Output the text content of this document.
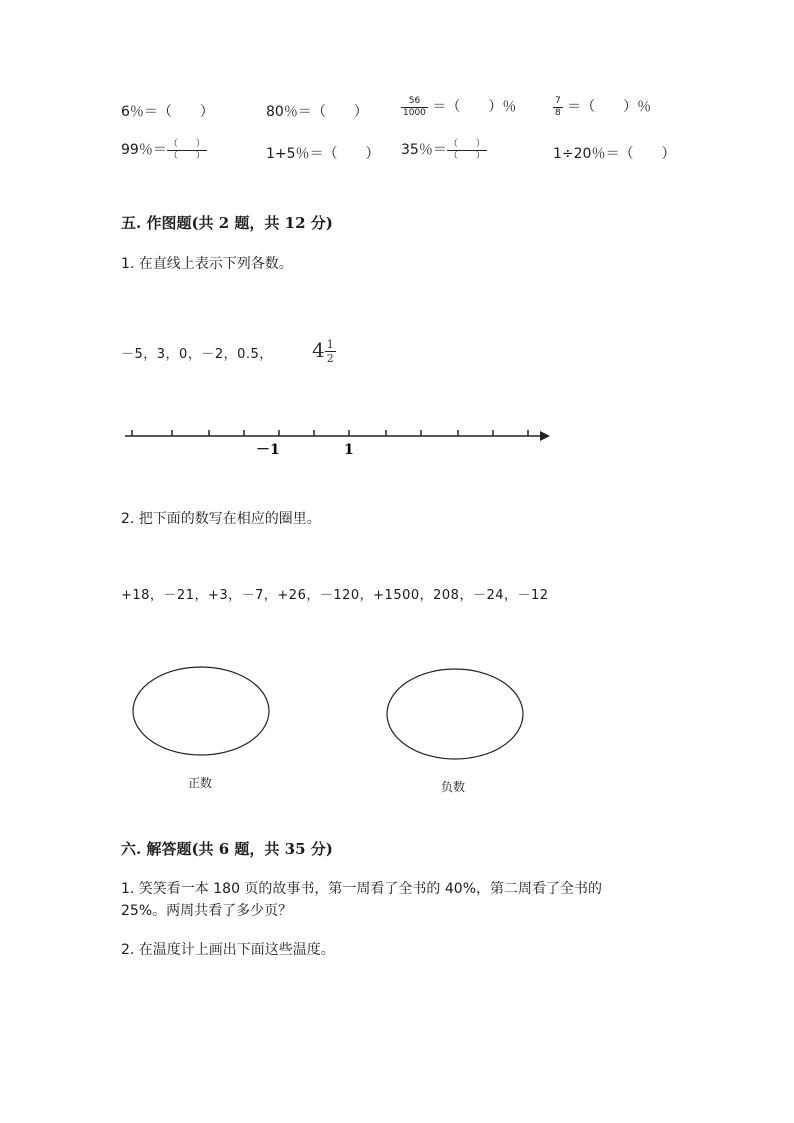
6％＝（　　）	80％＝（　　）	$\frac{56}{1000}$ ＝（　　）％	$\frac{7}{8}$ ＝（　　）％
99％＝ $\frac{( )}{( )}$	1+5％＝（　　） 35％＝ $\frac{( )}{( )}$	1÷20％＝（　　）
五. 作图题(共 2 题，共 12 分)
1. 在直线上表示下列各数。
－5，3，0，－2，0.5， $4 \frac{1}{2}$
－1	1
2. 把下面的数写在相应的圈里。
+18，－21，+3，－7，+26，－120，+1500，208，－24，－12
正数	负数
六. 解答题(共 6 题，共 35 分)
1. 笑笑看一本 180 页的故事书，第一周看了全书的 40%，第二周看了全书的
25%。两周共看了多少页？
2. 在温度计上画出下面这些温度。
